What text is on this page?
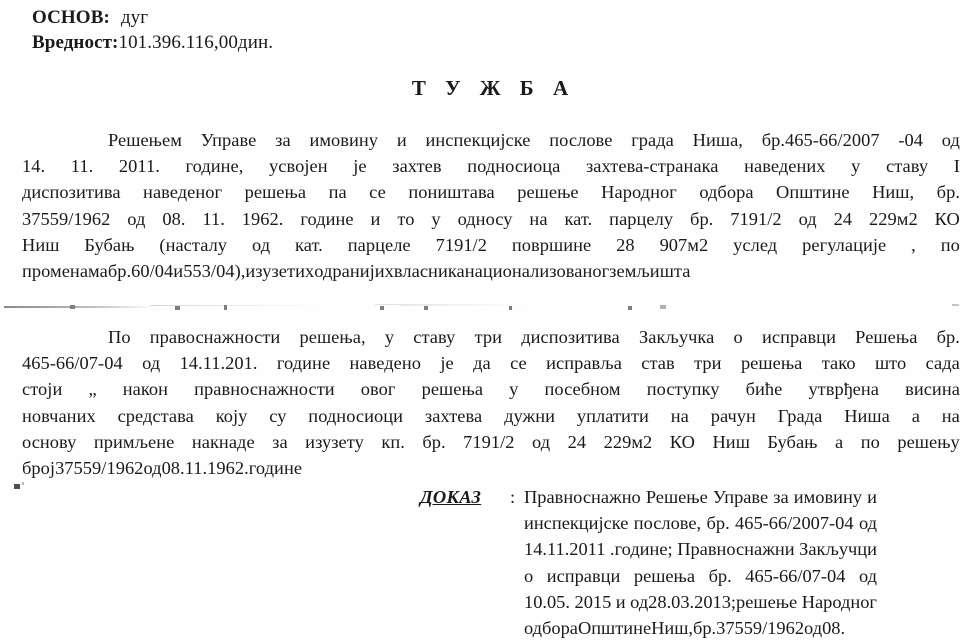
ОСНОВ: дуг
Вредност:101.396.116,00дин.
Т У Ж Б А
Решењем Управе за имовину и инспекцијске послове града Ниша, бр.465-66/2007 -04 од
14. 11. 2011. године, усвојен је захтев подносиоца захтева-странака наведених у ставу I
диспозитива наведеног решења па се поништава решење Народног одбора Општине Ниш, бр.
37559/1962 од 08. 11. 1962. године и то у односу на кат. парцелу бр. 7191/2 од 24 229м2 КО
Ниш Бубањ (насталу од кат. парцеле 7191/2 површине 28 907м2 услед регулације , по
променама бр. 60/04 и 553/04), изузетих од ранијих власника национализованог земљишта
По правоснажности решења, у ставу три диспозитива Закључка о исправци Решења бр.
465-66/07-04 од 14.11.201. године наведено је да се исправља став три решења тако што сада
стоји „ након правноснажности овог решења у посебном поступку биће утврђена висина
новчаних средстава коју су подносиоци захтева дужни уплатити на рачун Града Ниша а на
основу примљене накнаде за изузету кп. бр. 7191/2 од 24 229м2 КО Ниш Бубањ а по решењу
број 37559/1962 од 08. 11. 1962.године
ДОКАЗ : Правноснажно Решење Управе за имовину и
инспекцијске послове, бр. 465-66/2007-04 од
14.11.2011 .године; Правноснажни Закључци
о исправци решења бр. 465-66/07-04 од
10.05. 2015 и од28.03.2013;решење Народног
одбора Општине Ниш, бр.37559/1962 од 08.
